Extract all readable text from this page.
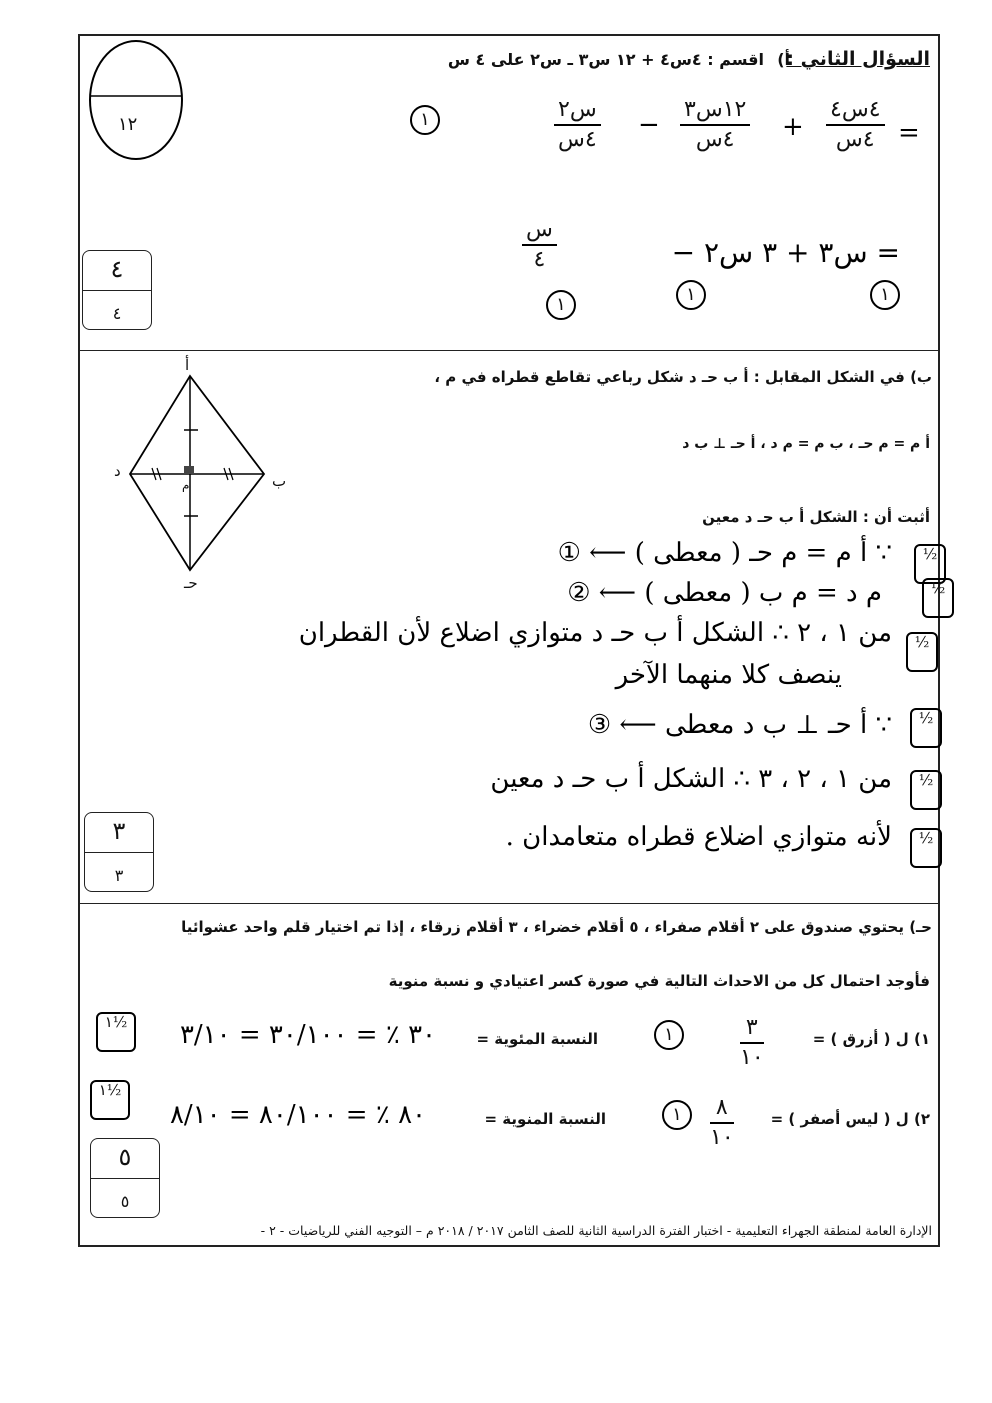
١٢
السؤال الثاني :
أ)
اقسم : ٤س٤ + ١٢ س٣ ـ س٢ على ٤ س
=
٤س٤
٤س
+
١٢س٣
٤س
−
س٢
٤س
١
= س٣ + ٣ س٢ −
س
٤
١
١
١
٤
٤
ب) في الشكل المقابل : أ ب حـ د شكل رباعي تقاطع قطراه في م ،
أ م = م حـ ، ب م = م د ، أ حـ ⊥ ب د
أثبت أن : الشكل أ ب حـ د معين
أ
ب
حـ
د
م
∵ أ م = م حـ ( معطى ) ⟵ ①
م د = م ب ( معطى ) ⟵ ②
من ١ ، ٢ ∴ الشكل أ ب حـ د متوازي اضلاع لأن القطران
ينصف كلا منهما الآخر
∵ أ حـ ⊥ ب د معطى ⟵ ③
من ١ ، ٢ ، ٣ ∴ الشكل أ ب حـ د معين
لأنه متوازي اضلاع قطراه متعامدان .
½
½
½
½
½
½
٣
٣
حـ) يحتوي صندوق على ٢ أقلام صفراء ، ٥ أقلام خضراء ، ٣ أقلام زرقاء ، إذا تم اختيار قلم واحد عشوائيا
فأوجد احتمال كل من الاحداث التالية في صورة كسر اعتيادي و نسبة منوية
١) ل ( أزرق ) =
٣
١٠
١
النسبة المئوية =
٣٠ ٪ = ٣٠/١٠٠ = ٣/١٠
١½
٢) ل ( ليس أصفر ) =
٨
١٠
١
النسبة المنوية =
٨٠ ٪ = ٨٠/١٠٠ = ٨/١٠
١½
٥
٥
الإدارة العامة لمنطقة الجهراء التعليمية - اختبار الفترة الدراسية الثانية للصف الثامن ٢٠١٧ / ٢٠١٨ م – التوجيه الفني للرياضيات - ٢ -
